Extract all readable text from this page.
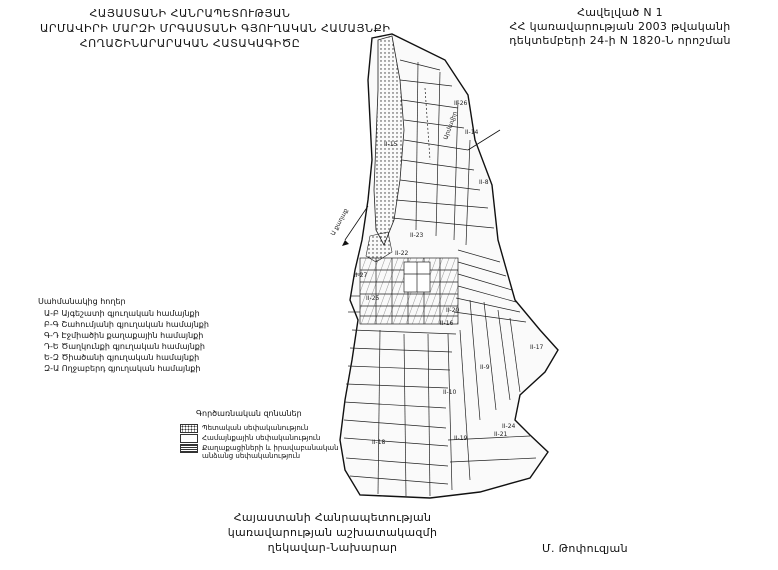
ՀԱՅԱՍՏԱՆԻ ՀԱՆՐԱՊԵՏՈՒԹՅԱՆ
ԱՐՄԱՎԻՐԻ ՄԱՐԶԻ ՄՐԳԱՍՏԱՆԻ ԳՅՈՒՂԱԿԱՆ ՀԱՄԱՅՆՔԻ
ՀՈՂԱՇԻՆԱՐԱՐԱԿԱՆ ՀԱՏԱԿԱԳԻԾԸ
Հավելված N 1
ՀՀ կառավարության 2003 թվականի
դեկտեմբերի 24-ի N 1820-Ն որոշման
Արմավիր
Ա քաղաք
II-15
II-18
II-23
II-22
II-16
II-20
II-21
II-10
II-14
II-8
II-25
II-19
II-17
II-24
II-9
II-26
II-27
Սահմանակից հողեր
Ա-Բ Այգեշատի գյուղական համայնքի
Բ-Գ Շահումյանի գյուղական համայնքի
Գ-Դ Էջմիածին քաղաքային համայնքի
Դ-Ե Ծաղկունքի գյուղական համայնքի
Ե-Զ Ծիածանի գյուղական համայնքի
Զ-Ա Ողջաբերդ գյուղական համայնքի
Գործառնական զոնաներ
Պետական սեփականություն
Համայնքային սեփականություն
Քաղաքացիների և իրավաբանական անձանց սեփականություն
Հայաստանի Հանրապետության
կառավարության աշխատակազմի
ղեկավար-Նախարար	Մ. Թոփուզյան
